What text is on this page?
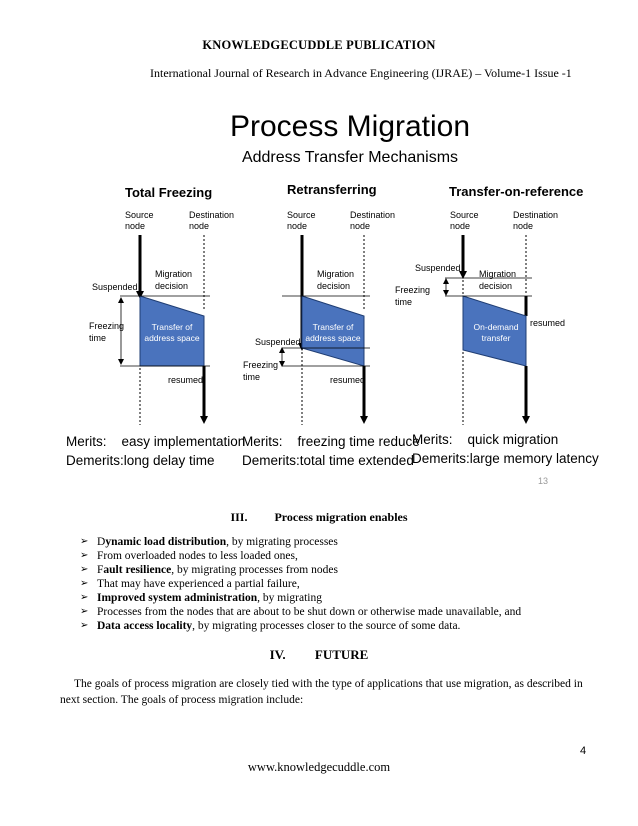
KNOWLEDGECUDDLE PUBLICATION
International Journal of Research in Advance Engineering (IJRAE) – Volume-1 Issue -1
Process Migration
Address Transfer Mechanisms
Total Freezing
Source
node
Destination
node
Suspended
Migration
decision
Freezing
time
Transfer of
address space
resumed
Merits:    easy implementation
Demerits:long delay time
Retransferring
Source
node
Destination
node
Suspended
Migration
decision
Freezing
time
Transfer of
address space
resumed
Merits:    freezing time reduce
Demerits:total time extended
Transfer-on-reference
Source
node
Destination
node
Suspended
Migration
decision
Freezing
time
On-demand
transfer
resumed
Merits:    quick migration
Demerits:large memory latency
13
III. Process migration enables
➢ Dynamic load distribution, by migrating processes
➢ From overloaded nodes to less loaded ones,
➢ Fault resilience, by migrating processes from nodes
➢ That may have experienced a partial failure,
➢ Improved system administration, by migrating
➢ Processes from the nodes that are about to be shut down or otherwise made unavailable, and
➢ Data access locality, by migrating processes closer to the source of some data.
IV. FUTURE
The goals of process migration are closely tied with the type of applications that use migration, as described in next section. The goals of process migration include:
4
www.knowledgecuddle.com
